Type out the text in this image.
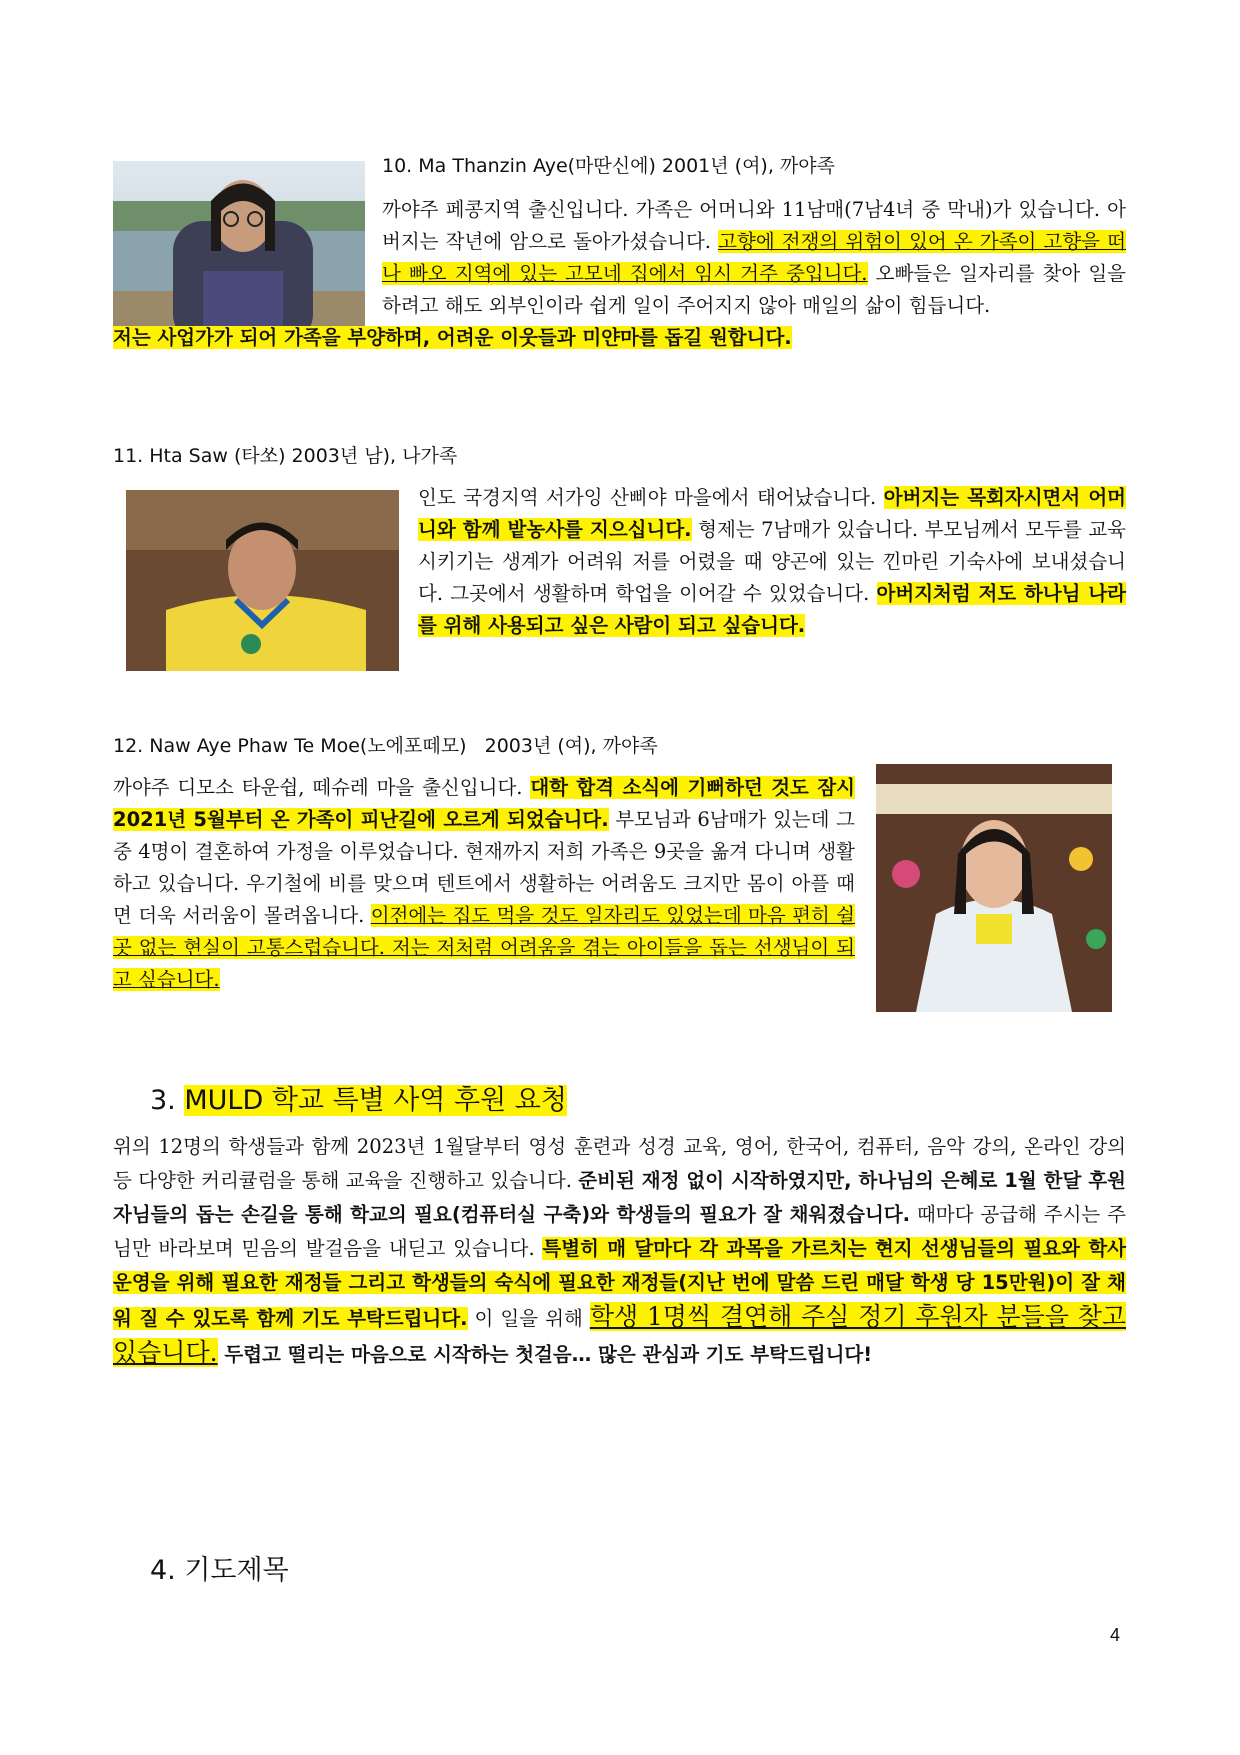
10. Ma Thanzin Aye(마딴신에) 2001년 (여), 까야족
까야주 페콩지역 출신입니다. 가족은 어머니와 11남매(7남4녀 중 막내)가 있습니다. 아버지는 작년에 암으로 돌아가셨습니다. 고향에 전쟁의 위험이 있어 온 가족이 고향을 떠나 빠오 지역에 있는 고모네 집에서 임시 거주 중입니다. 오빠들은 일자리를 찾아 일을 하려고 해도 외부인이라 쉽게 일이 주어지지 않아 매일의 삶이 힘듭니다.
저는 사업가가 되어 가족을 부양하며, 어려운 이웃들과 미얀마를 돕길 원합니다.
11. Hta Saw (타쏘) 2003년 남), 나가족
인도 국경지역 서가잉 산삐야 마을에서 태어났습니다. 아버지는 목회자시면서 어머니와 함께 밭농사를 지으십니다. 형제는 7남매가 있습니다. 부모님께서 모두를 교육시키기는 생계가 어려워 저를 어렸을 때 양곤에 있는 낀마린 기숙사에 보내셨습니다. 그곳에서 생활하며 학업을 이어갈 수 있었습니다. 아버지처럼 저도 하나님 나라를 위해 사용되고 싶은 사람이 되고 싶습니다.
12. Naw Aye Phaw Te Moe(노에포떼모)   2003년 (여), 까야족
까야주 디모소 타운쉽, 떼슈레 마을 출신입니다. 대학 합격 소식에 기뻐하던 것도 잠시 2021년 5월부터 온 가족이 피난길에 오르게 되었습니다. 부모님과 6남매가 있는데 그 중 4명이 결혼하여 가정을 이루었습니다. 현재까지 저희 가족은 9곳을 옮겨 다니며 생활하고 있습니다. 우기철에 비를 맞으며 텐트에서 생활하는 어려움도 크지만 몸이 아플 때면 더욱 서러움이 몰려옵니다. 이전에는 집도 먹을 것도 일자리도 있었는데 마음 편히 쉴 곳 없는 현실이 고통스럽습니다. 저는 저처럼 어려움을 겪는 아이들을 돕는 선생님이 되고 싶습니다.
3. MULD 학교 특별 사역 후원 요청
위의 12명의 학생들과 함께 2023년 1월달부터 영성 훈련과 성경 교육, 영어, 한국어, 컴퓨터, 음악 강의, 온라인 강의 등 다양한 커리큘럼을 통해 교육을 진행하고 있습니다. 준비된 재정 없이 시작하였지만, 하나님의 은혜로 1월 한달 후원자님들의 돕는 손길을 통해 학교의 필요(컴퓨터실 구축)와 학생들의 필요가 잘 채워졌습니다. 때마다 공급해 주시는 주님만 바라보며 믿음의 발걸음을 내딛고 있습니다. 특별히 매 달마다 각 과목을 가르치는 현지 선생님들의 필요와 학사 운영을 위해 필요한 재정들 그리고 학생들의 숙식에 필요한 재정들(지난 번에 말씀 드린 매달 학생 당 15만원)이 잘 채워 질 수 있도록 함께 기도 부탁드립니다. 이 일을 위해 학생 1명씩 결연해 주실 정기 후원자 분들을 찾고 있습니다. 두렵고 떨리는 마음으로 시작하는 첫걸음… 많은 관심과 기도 부탁드립니다!
4. 기도제목
4
